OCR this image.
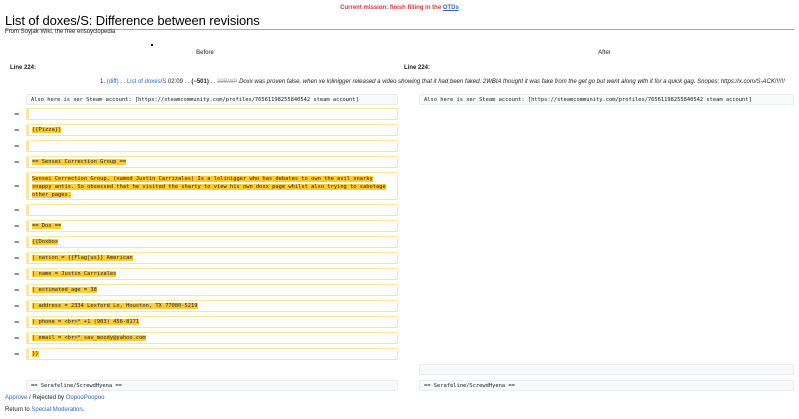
Current mission: finish filling in the OTDs
List of doxes/S: Difference between revisions
From Soyjak Wiki, the free ensoyclopedia
Before	After
Line 224:	Line 224:
1. (diff) . . List of doxes/S 02:09 . . (−501) . . 39BWP Doxx was proven false, when xe lolinigger released a video showing that it had been faked. 2WBIA thought it was fake from the get go but went along with it for a quick gag. Snopes: https://x.com/S-ACK!!!!!!
Also here is xer Steam account: [https://steamcommunity.com/profiles/76561198255840542 steam account]	Also here is xer Steam account: [https://steamcommunity.com/profiles/76561198255840542 steam account]
−
−	{{Pizza}}
−
−	== Sensei Correction Group ==
−
Sensei Correction Group, (named Justin Carrizales) Is a lolinigger who has debates to own the evil snarky snappy antis. So obsessed that he visited the sharty to view his own doxx page whilst also trying to sabotage other pages.
−
−	== Dox ==
−	{{Doxbox
−	| nation = {{Flag|us}} American
−	| name = Justin Carrizales
−	| estimated_age = 38
−	| address = 2334 Lexford Ln, Houston, TX 77080-5219
−	| phone = <br>* +1 (903) 456-8171
−	| email = <br>* sav_moody@yahoo.com
−	}}
== Serafeline/ScrewdHyena ==	== Serafeline/ScrewdHyena ==
Approve / Rejected by OopooPoopoo
Return to Special:Moderation.
